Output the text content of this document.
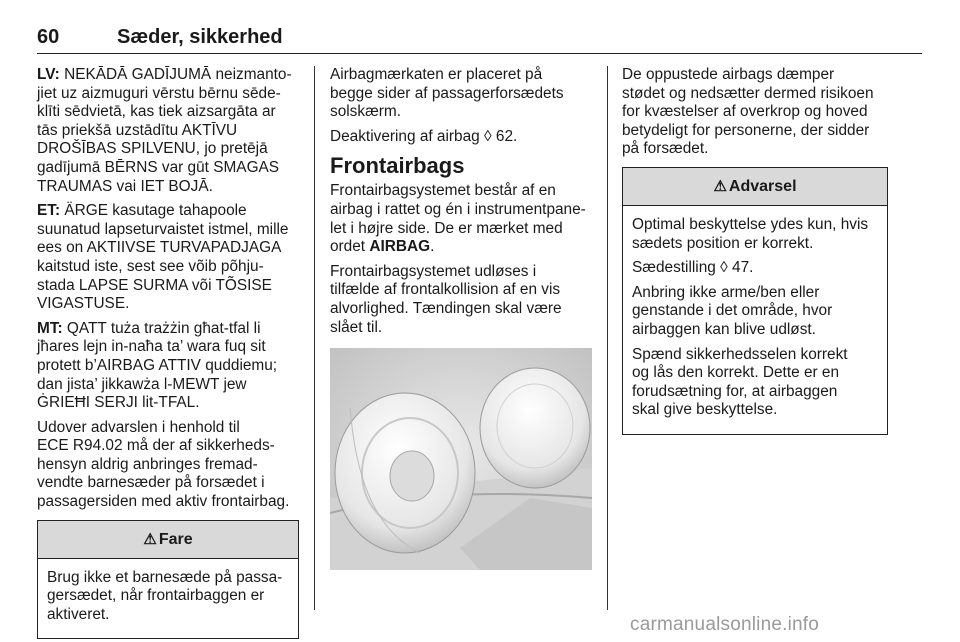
60	Sæder, sikkerhed

LV: NEKĀDĀ GADĪJUMĀ neizmanto-
jiet uz aizmuguri vērstu bērnu sēde-
klīti sēdvietā, kas tiek aizsargāta ar
tās priekšā uzstādītu AKTĪVU
DROŠĪBAS SPILVENU, jo pretējā
gadījumā BĒRNS var gūt SMAGAS
TRAUMAS vai IET BOJĀ.

ET: ÄRGE kasutage tahapoole
suunatud lapseturvaistet istmel, mille
ees on AKTIIVSE TURVAPADJAGA
kaitstud iste, sest see võib põhju-
stada LAPSE SURMA või TÕSISE
VIGASTUSE.

MT: QATT tuża trażżin għat-tfal li
jħares lejn in-naħa ta’ wara fuq sit
protett b’AIRBAG ATTIV quddiemu;
dan jista’ jikkawża l-MEWT jew
ĠRIEĦI SERJI lit-TFAL.

Udover advarslen i henhold til
ECE R94.02 må der af sikkerheds-
hensyn aldrig anbringes fremad-
vendte barnesæder på forsædet i
passagersiden med aktiv frontairbag.

⚠ Fare

Brug ikke et barnesæde på passa-
gersædet, når frontairbaggen er
aktiveret.

Airbagmærkaten er placeret på
begge sider af passagerforsædets
solskærm.

Deaktivering af airbag ◊ 62.

Frontairbags

Frontairbagsystemet består af en
airbag i rattet og én i instrumentpane-
let i højre side. De er mærket med
ordet AIRBAG.

Frontairbagsystemet udløses i
tilfælde af frontalkollision af en vis
alvorlighed. Tændingen skal være
slået til.

De oppustede airbags dæmper
stødet og nedsætter dermed risikoen
for kvæstelser af overkrop og hoved
betydeligt for personerne, der sidder
på forsædet.

⚠ Advarsel

Optimal beskyttelse ydes kun, hvis
sædets position er korrekt.

Sædestilling ◊ 47.

Anbring ikke arme/ben eller
genstande i det område, hvor
airbaggen kan blive udløst.

Spænd sikkerhedsselen korrekt
og lås den korrekt. Dette er en
forudsætning for, at airbaggen
skal give beskyttelse.

carmanualsonline.info
